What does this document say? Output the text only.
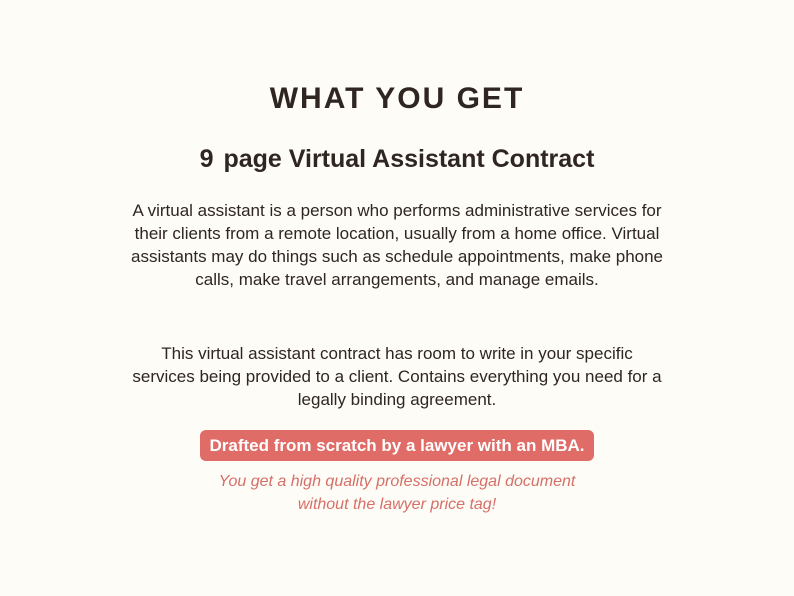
WHAT YOU GET
9 page Virtual Assistant Contract
A virtual assistant is a person who performs administrative services for their clients from a remote location, usually from a home office. Virtual assistants may do things such as schedule appointments, make phone calls, make travel arrangements, and manage emails.
This virtual assistant contract has room to write in your specific services being provided to a client. Contains everything you need for a legally binding agreement.
Drafted from scratch by a lawyer with an MBA.
You get a high quality professional legal document
without the lawyer price tag!
